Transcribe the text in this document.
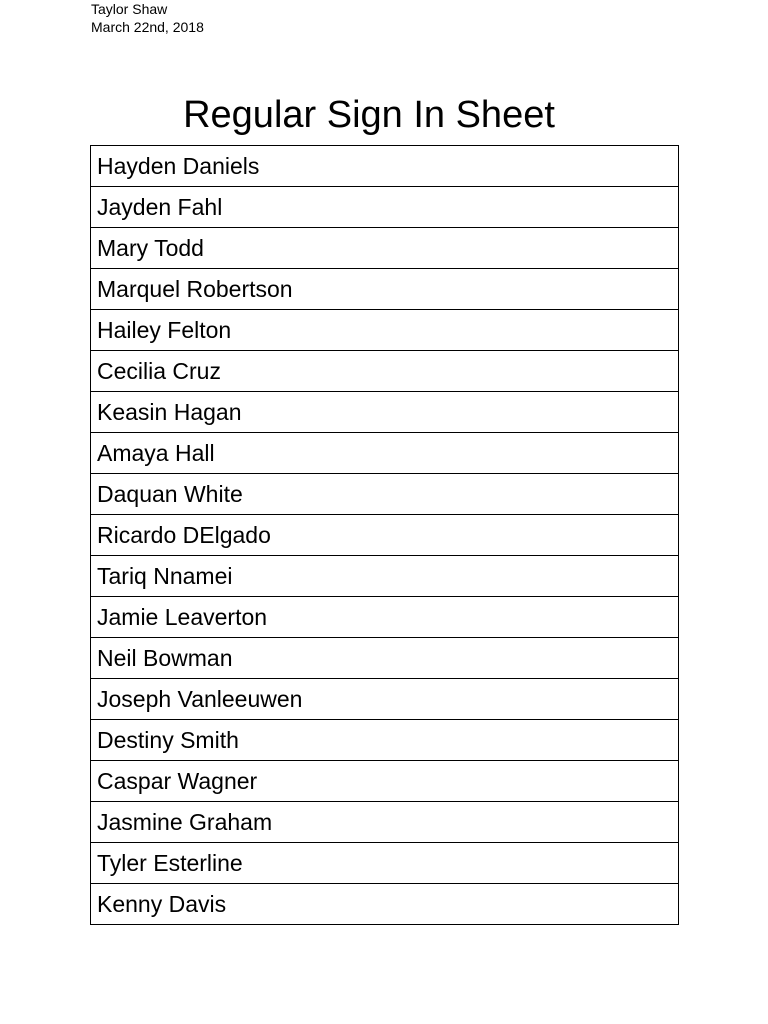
Taylor Shaw
March 22nd, 2018
Regular Sign In Sheet
Hayden Daniels
Jayden Fahl
Mary Todd
Marquel Robertson
Hailey Felton
Cecilia Cruz
Keasin Hagan
Amaya Hall
Daquan White
Ricardo DElgado
Tariq Nnamei
Jamie Leaverton
Neil Bowman
Joseph Vanleeuwen
Destiny Smith
Caspar Wagner
Jasmine Graham
Tyler Esterline
Kenny Davis
